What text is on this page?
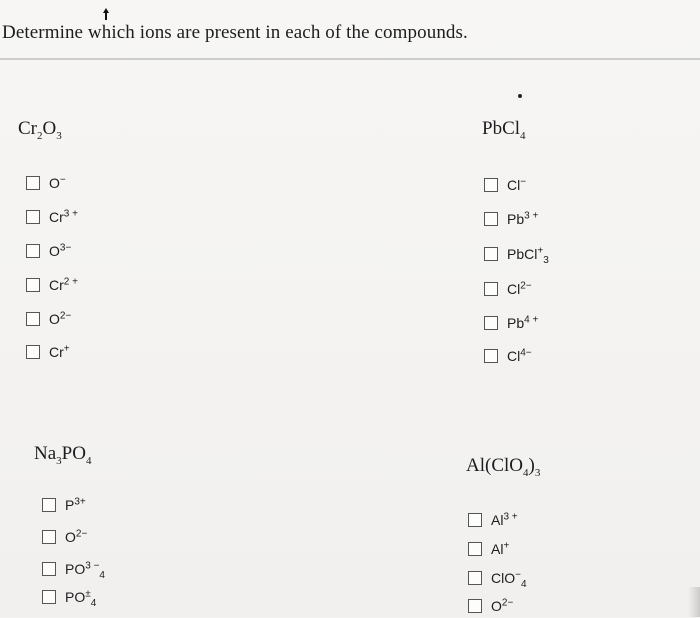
Determine which ions are present in each of the compounds.
$Cr_2O_3$
O−
$Cr^{3 +}$
$O^{3-}$
$Cr^{2 +}$
$O^{2-}$
Cr+
PbCl$_4$
Cl−
$Pb^{3 +}$
PbCl+$_3$
$Cl^{2-}$
$Pb^{4 +}$
$Cl^{4-}$
$Na_3PO_4$
$P^{3+}$
$O^{2-}$
$PO^{3 -}_4$
$PO^\pm_4$
$Al(ClO_4)_3$
$Al^{3 +}$
Al+
ClO−$_4$
$O^{2-}$
